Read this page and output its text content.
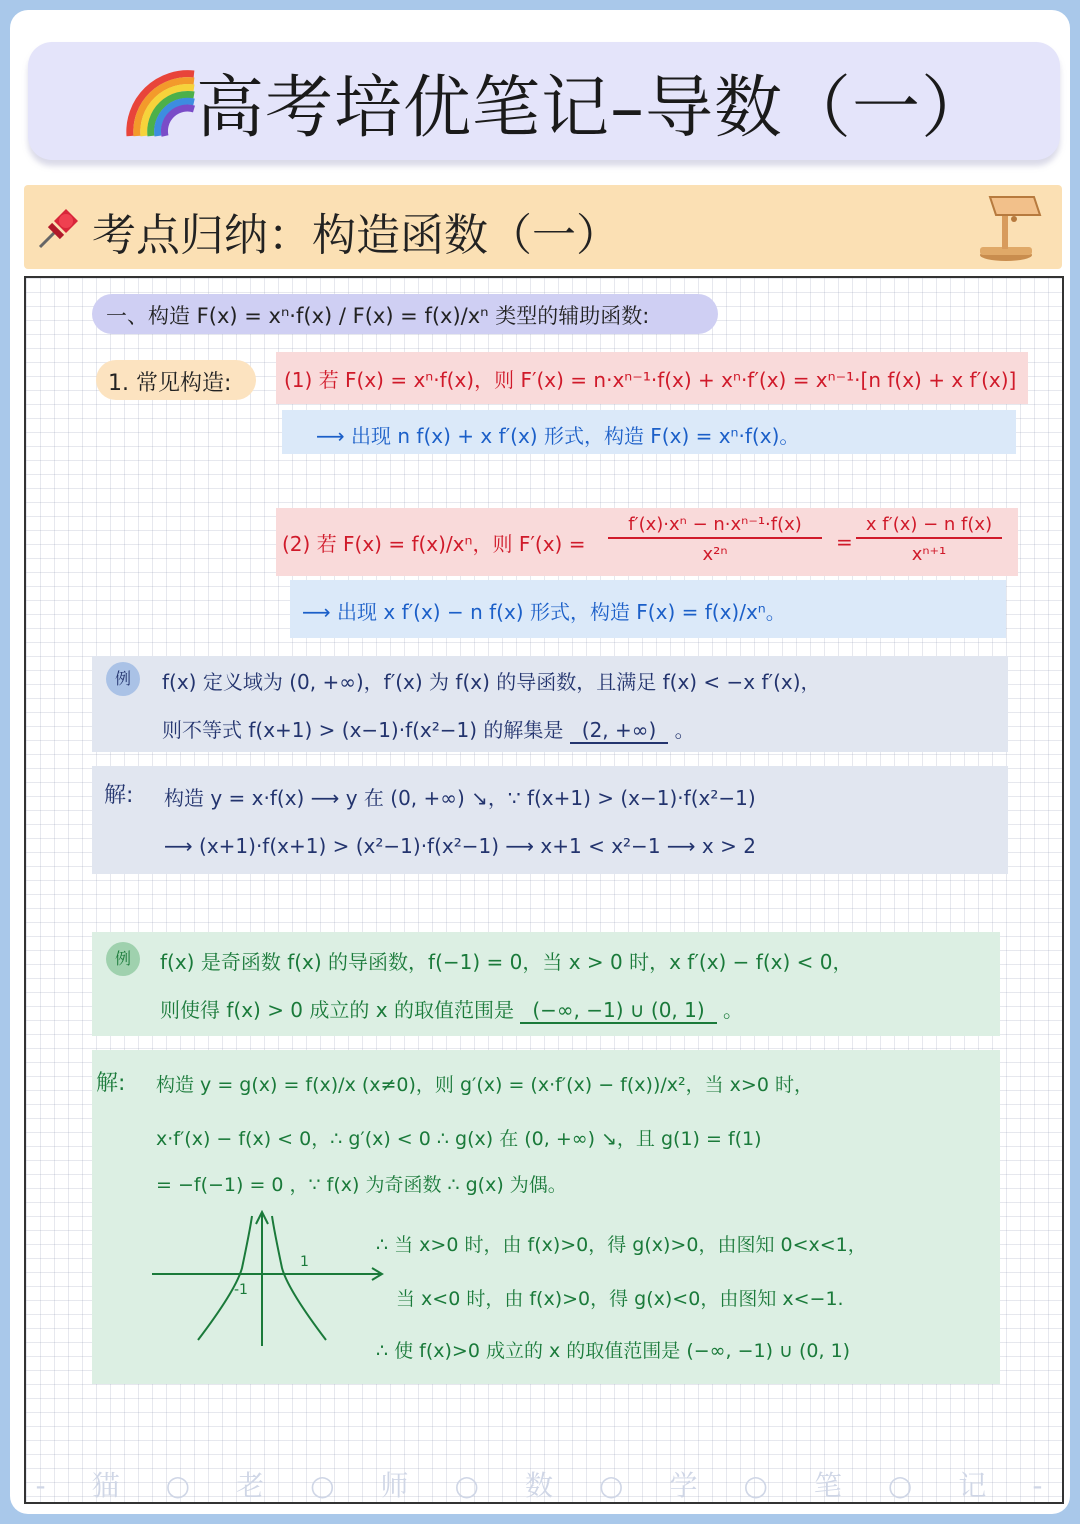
高考培优笔记–导数（一）
考点归纳：构造函数（一）
一、构造 F(x) = xⁿ·f(x) / F(x) = f(x)/xⁿ 类型的辅助函数:
1. 常见构造:	(1) 若 F(x) = xⁿ·f(x)，则 F′(x) = n·xⁿ⁻¹·f(x) + xⁿ·f′(x) = xⁿ⁻¹·[n f(x) + x f′(x)]
⟶ 出现 n f(x) + x f′(x) 形式，构造 F(x) = xⁿ·f(x)。
(2) 若 F(x) = f(x)/xⁿ，则 F′(x) =
f′(x)·xⁿ − n·xⁿ⁻¹·f(x)
x²ⁿ
=
x f′(x) − n f(x)
xⁿ⁺¹
⟶ 出现 x f′(x) − n f(x) 形式，构造 F(x) = f(x)/xⁿ。
例	f(x) 定义域为 (0, +∞)，f′(x) 为 f(x) 的导函数，且满足 f(x) < −x f′(x)，
则不等式 f(x+1) > (x−1)·f(x²−1) 的解集是 (2, +∞) 。
解: 构造 y = x·f(x) ⟶ y 在 (0, +∞) ↘，∵ f(x+1) > (x−1)·f(x²−1)
⟶ (x+1)·f(x+1) > (x²−1)·f(x²−1) ⟶ x+1 < x²−1 ⟶ x > 2
例	f(x) 是奇函数 f(x) 的导函数，f(−1) = 0，当 x > 0 时，x f′(x) − f(x) < 0，
则使得 f(x) > 0 成立的 x 的取值范围是 (−∞, −1) ∪ (0, 1) 。
解: 构造 y = g(x) = f(x)/x (x≠0)，则 g′(x) = (x·f′(x) − f(x))/x²，当 x>0 时，
x·f′(x) − f(x) < 0，∴ g′(x) < 0 ∴ g(x) 在 (0, +∞) ↘，且 g(1) = f(1)
= −f(−1) = 0 ，∵ f(x) 为奇函数 ∴ g(x) 为偶。
-1
1
∴ 当 x>0 时，由 f(x)>0，得 g(x)>0，由图知 0<x<1，
当 x<0 时，由 f(x)>0，得 g(x)<0，由图知 x<−1.
∴ 使 f(x)>0 成立的 x 的取值范围是 (−∞, −1) ∪ (0, 1)
- 猫 ○ 老 ○ 师 ○ 数 ○ 学 ○ 笔 ○ 记 -
